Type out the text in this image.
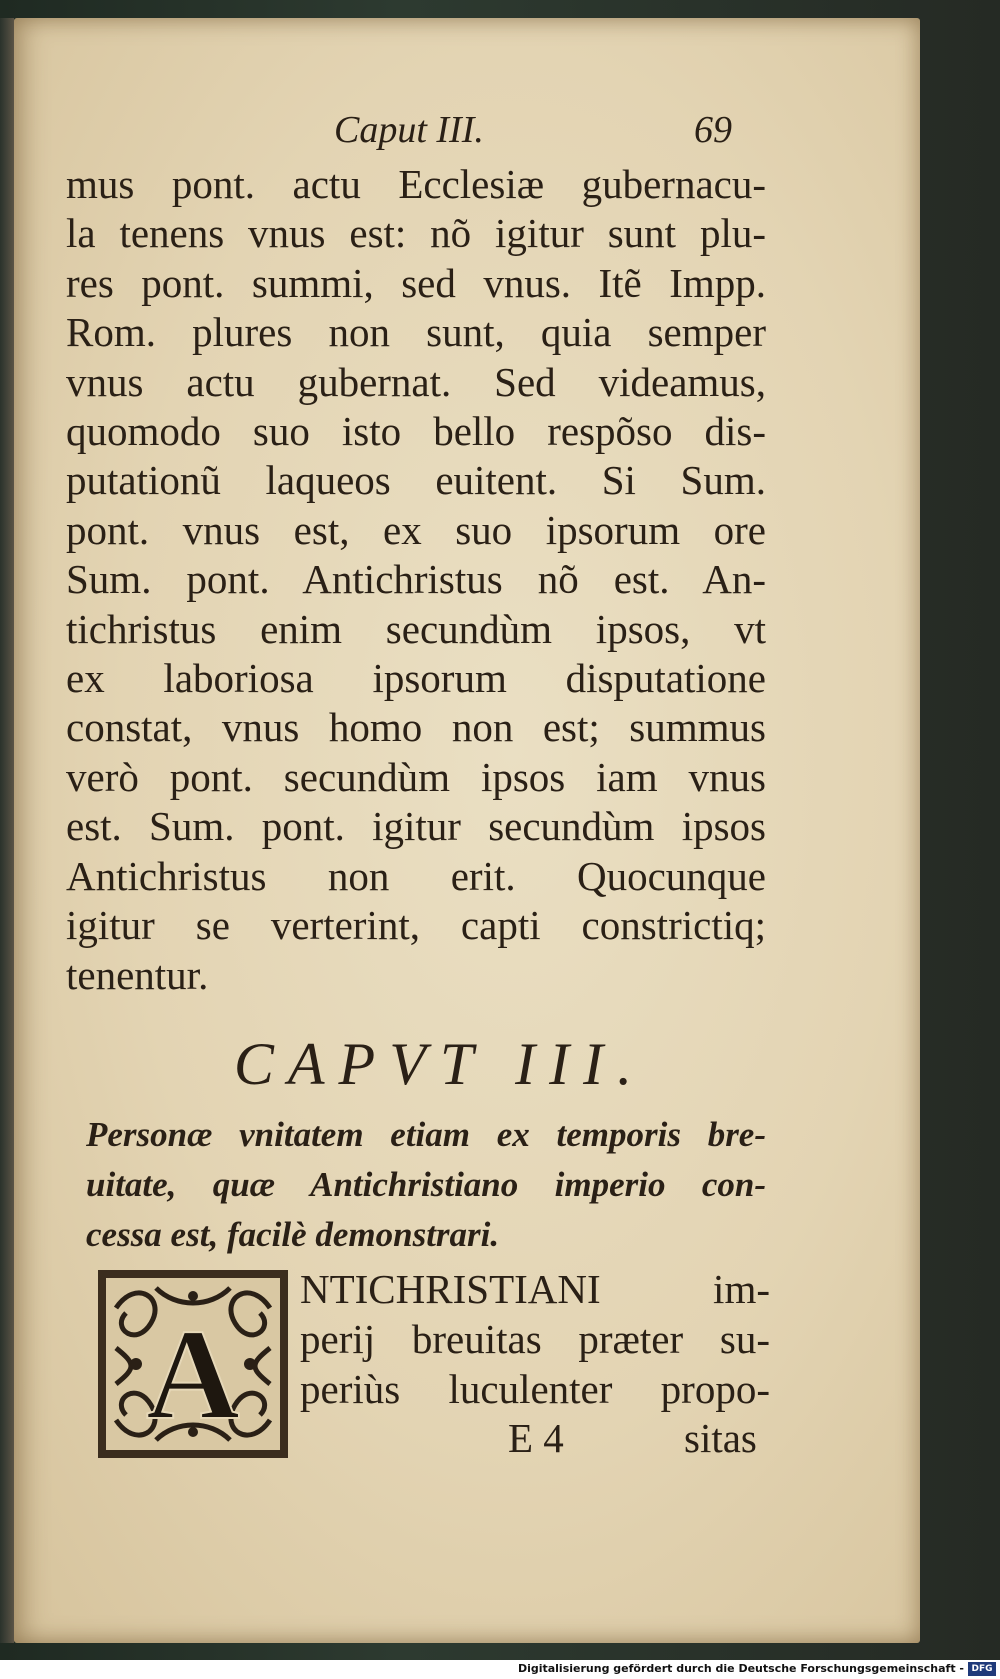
Caput III.	69
mus pont. actu Ecclesiæ gubernacu-
la tenens vnus est: nõ igitur sunt plu-
res pont. summi, sed vnus. Itẽ Impp.
Rom. plures non sunt, quia semper
vnus actu gubernat. Sed videamus,
quomodo suo isto bello respõso dis-
putationũ laqueos euitent. Si Sum.
pont. vnus est, ex suo ipsorum ore
Sum. pont. Antichristus nõ est. An-
tichristus enim secundùm ipsos, vt
ex laboriosa ipsorum disputatione
constat, vnus homo non est; summus
verò pont. secundùm ipsos iam vnus
est. Sum. pont. igitur secundùm ipsos
Antichristus non erit. Quocunque
igitur se verterint, capti constrictiq;
tenentur.
CAPVT III.
Personæ vnitatem etiam ex temporis bre-
uitate, quæ Antichristiano imperio con-
cessa est, facilè demonstrari.
A
NTICHRISTIANI im-
perij breuitas præter su-
periùs luculenter propo-
E 4	sitas
Digitalisierung gefördert durch die Deutsche Forschungsgemeinschaft - DFG
